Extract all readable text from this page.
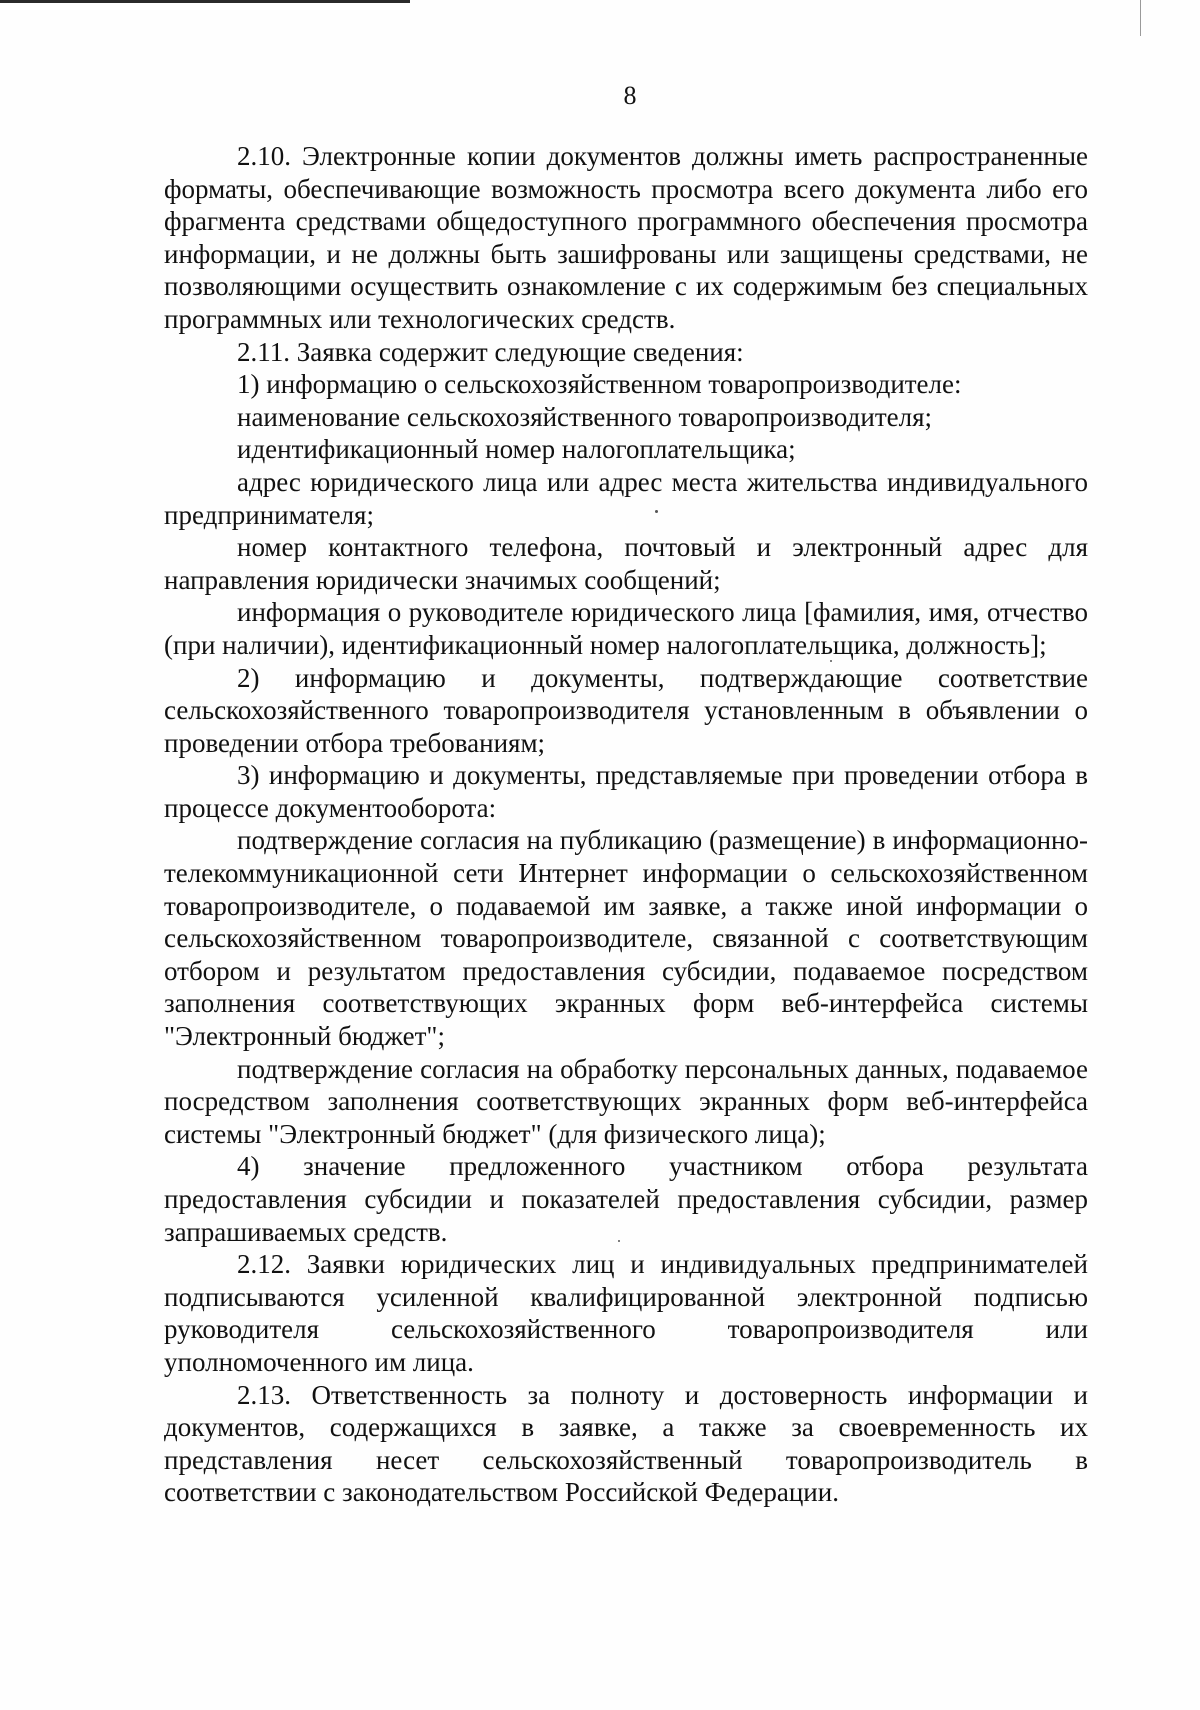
8

2.10. Электронные копии документов должны иметь распространенные форматы, обеспечивающие возможность просмотра всего документа либо его фрагмента средствами общедоступного программного обеспечения просмотра информации, и не должны быть зашифрованы или защищены средствами, не позволяющими осуществить ознакомление с их содержимым без специальных программных или технологических средств.

2.11. Заявка содержит следующие сведения:

1) информацию о сельскохозяйственном товаропроизводителе:

наименование сельскохозяйственного товаропроизводителя;

идентификационный номер налогоплательщика;

адрес юридического лица или адрес места жительства индивидуального предпринимателя;

номер контактного телефона, почтовый и электронный адрес для направления юридически значимых сообщений;

информация о руководителе юридического лица [фамилия, имя, отчество (при наличии), идентификационный номер налогоплательщика, должность];

2) информацию и документы, подтверждающие соответствие сельскохозяйственного товаропроизводителя установленным в объявлении о проведении отбора требованиям;

3) информацию и документы, представляемые при проведении отбора в процессе документооборота:

подтверждение согласия на публикацию (размещение) в информационно-телекоммуникационной сети Интернет информации о сельскохозяйственном товаропроизводителе, о подаваемой им заявке, а также иной информации о сельскохозяйственном товаропроизводителе, связанной с соответствующим отбором и результатом предоставления субсидии, подаваемое посредством заполнения соответствующих экранных форм веб-интерфейса системы "Электронный бюджет";

подтверждение согласия на обработку персональных данных, подаваемое посредством заполнения соответствующих экранных форм веб-интерфейса системы "Электронный бюджет" (для физического лица);

4) значение предложенного участником отбора результата предоставления субсидии и показателей предоставления субсидии, размер запрашиваемых средств.

2.12. Заявки юридических лиц и индивидуальных предпринимателей подписываются усиленной квалифицированной электронной подписью руководителя сельскохозяйственного товаропроизводителя или уполномоченного им лица.

2.13. Ответственность за полноту и достоверность информации и документов, содержащихся в заявке, а также за своевременность их представления несет сельскохозяйственный товаропроизводитель в соответствии с законодательством Российской Федерации.
